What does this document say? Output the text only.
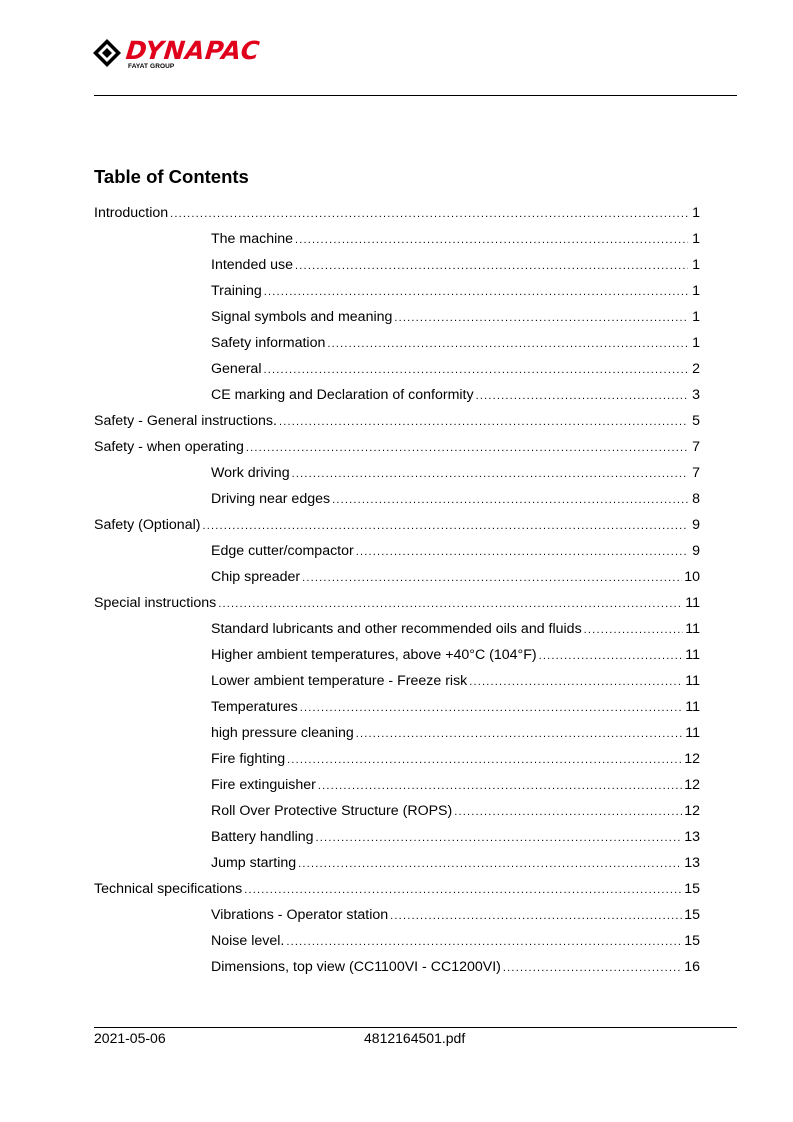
DYNAPAC
FAYAT GROUP
Table of Contents
Introduction .....	1
The machine .....	1
Intended use .....	1
Training .....	1
Signal symbols and meaning .....	1
Safety information .....	1
General .....	2
CE marking and Declaration of conformity .....	3
Safety - General instructions. .....	5
Safety - when operating .....	7
Work driving .....	7
Driving near edges .....	8
Safety (Optional) .....	9
Edge cutter/compactor .....	9
Chip spreader .....	10
Special instructions .....	11
Standard lubricants and other recommended oils and fluids .....	11
Higher ambient temperatures, above +40°C (104°F) .....	11
Lower ambient temperature - Freeze risk .....	11
Temperatures .....	11
high pressure cleaning .....	11
Fire fighting .....	12
Fire extinguisher .....	12
Roll Over Protective Structure (ROPS) .....	12
Battery handling .....	13
Jump starting .....	13
Technical specifications .....	15
Vibrations - Operator station .....	15
Noise level. .....	15
Dimensions, top view (CC1100VI - CC1200VI) .....	16
2021-05-06	4812164501.pdf
